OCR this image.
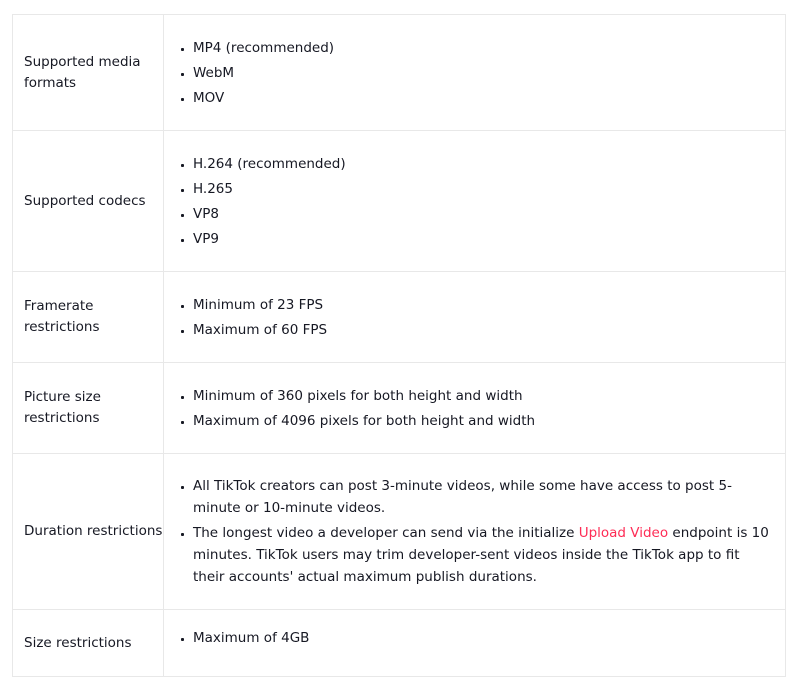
Supported media formats	
MP4 (recommended)
WebM
MOV

Supported codecs	
H.264 (recommended)
H.265
VP8
VP9

Framerate restrictions	
Minimum of 23 FPS
Maximum of 60 FPS

Picture size restrictions	
Minimum of 360 pixels for both height and width
Maximum of 4096 pixels for both height and width

Duration restrictions	
All TikTok creators can post 3-minute videos, while some have access to post 5-minute or 10-minute videos.
The longest video a developer can send via the initialize Upload Video endpoint is 10 minutes. TikTok users may trim developer-sent videos inside the TikTok app to fit their accounts' actual maximum publish durations.

Size restrictions	Maximum of 4GB
